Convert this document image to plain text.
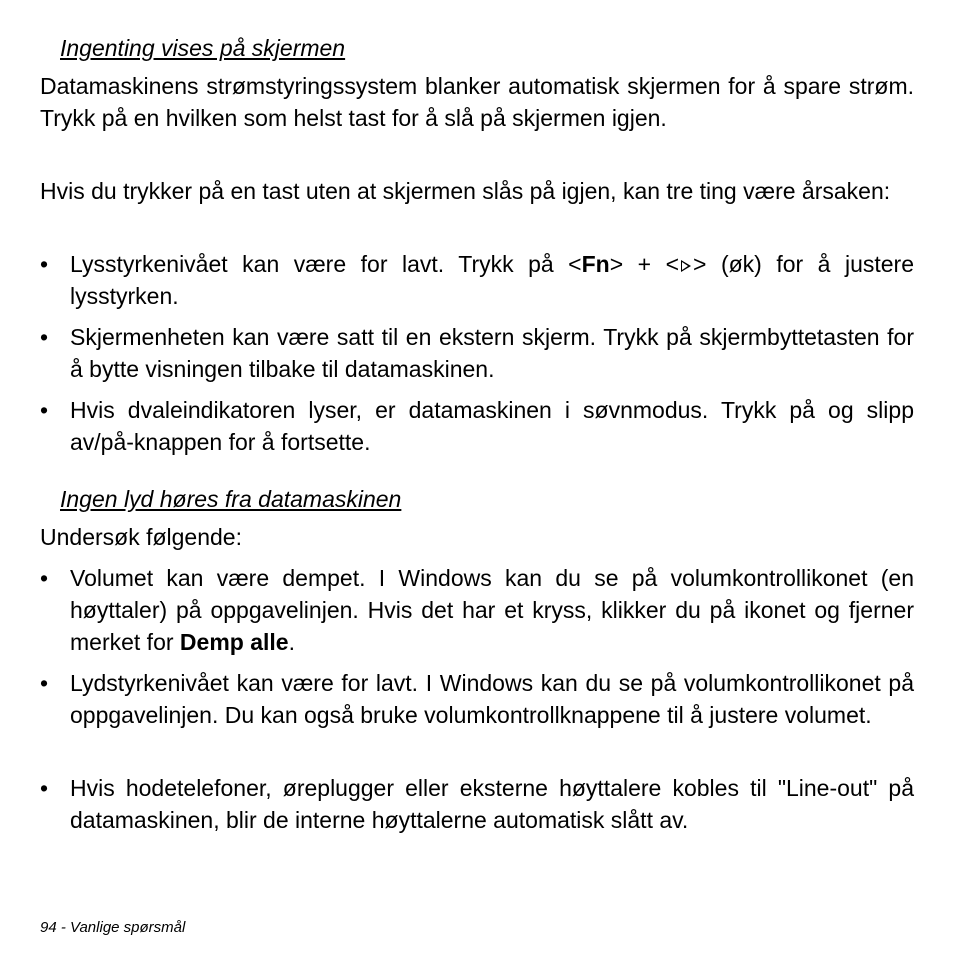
Ingenting vises på skjermen

Datamaskinens strømstyringssystem blanker automatisk skjermen for å spare strøm. Trykk på en hvilken som helst tast for å slå på skjermen igjen.

Hvis du trykker på en tast uten at skjermen slås på igjen, kan tre ting være årsaken:

• Lysstyrkenivået kan være for lavt. Trykk på <Fn> + < > (øk) for å justere lysstyrken.
• Skjermenheten kan være satt til en ekstern skjerm. Trykk på skjermbyttetasten for å bytte visningen tilbake til datamaskinen.
• Hvis dvaleindikatoren lyser, er datamaskinen i søvnmodus. Trykk på og slipp av/på-knappen for å fortsette.
Ingen lyd høres fra datamaskinen

Undersøk følgende:

• Volumet kan være dempet. I Windows kan du se på volumkontrollikonet (en høyttaler) på oppgavelinjen. Hvis det har et kryss, klikker du på ikonet og fjerner merket for Demp alle.
• Lydstyrkenivået kan være for lavt. I Windows kan du se på volumkontrollikonet på oppgavelinjen. Du kan også bruke volumkontrollknappene til å justere volumet.
• Hvis hodetelefoner, øreplugger eller eksterne høyttalere kobles til "Line-out" på datamaskinen, blir de interne høyttalerne automatisk slått av.

94 - Vanlige spørsmål
